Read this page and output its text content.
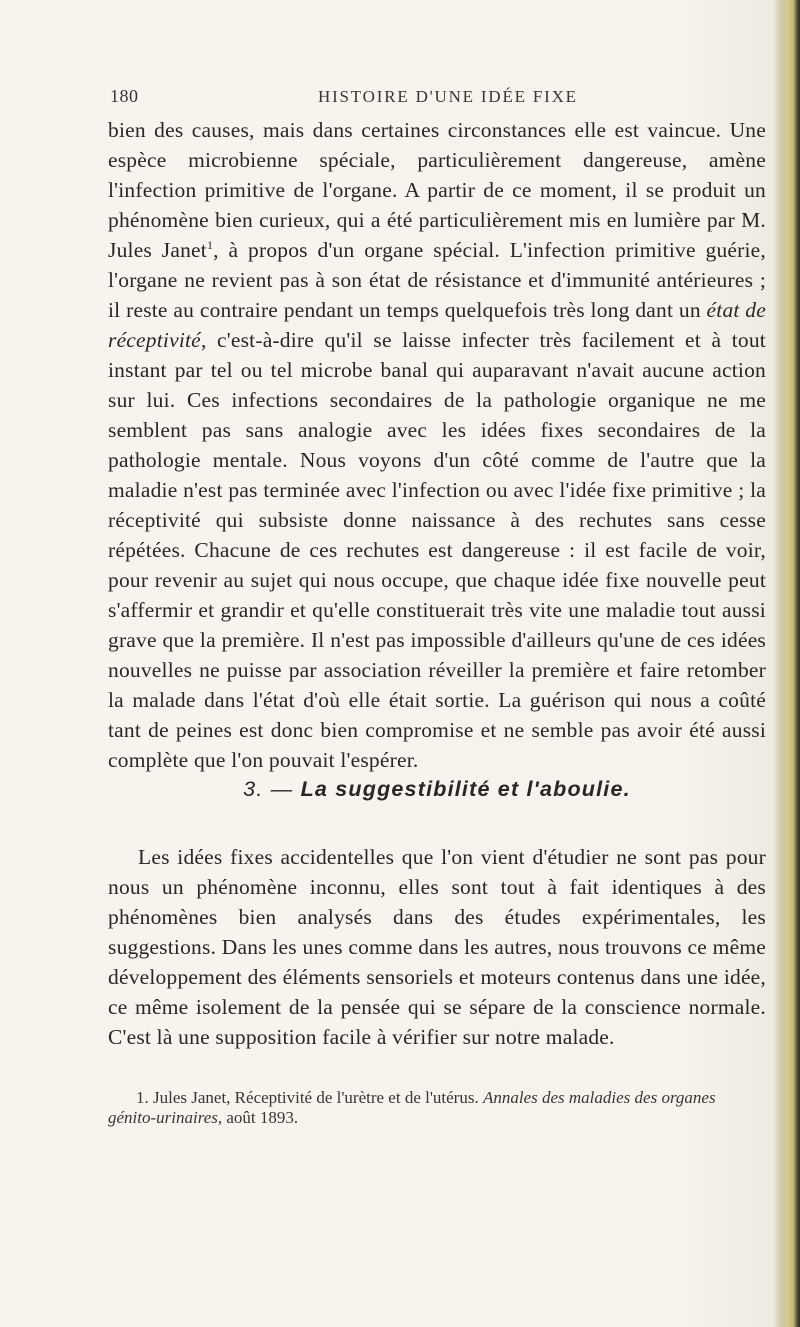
180	HISTOIRE D'UNE IDÉE FIXE

bien des causes, mais dans certaines circonstances elle est vaincue. Une espèce microbienne spéciale, particulièrement dangereuse, amène l'infection primitive de l'organe. A partir de ce moment, il se produit un phénomène bien curieux, qui a été particulièrement mis en lumière par M. Jules Janet$^1$, à propos d'un organe spécial. L'infection primitive guérie, l'organe ne revient pas à son état de résistance et d'immunité antérieures ; il reste au contraire pendant un temps quelquefois très long dant un état de réceptivité, c'est-à-dire qu'il se laisse infecter très facilement et à tout instant par tel ou tel microbe banal qui auparavant n'avait aucune action sur lui. Ces infections secondaires de la pathologie organique ne me semblent pas sans analogie avec les idées fixes secondaires de la pathologie mentale. Nous voyons d'un côté comme de l'autre que la maladie n'est pas terminée avec l'infection ou avec l'idée fixe primitive ; la réceptivité qui subsiste donne naissance à des rechutes sans cesse répétées. Chacune de ces rechutes est dangereuse : il est facile de voir, pour revenir au sujet qui nous occupe, que chaque idée fixe nouvelle peut s'affermir et grandir et qu'elle constituerait très vite une maladie tout aussi grave que la première. Il n'est pas impossible d'ailleurs qu'une de ces idées nouvelles ne puisse par association réveiller la première et faire retomber la malade dans l'état d'où elle était sortie. La guérison qui nous a coûté tant de peines est donc bien compromise et ne semble pas avoir été aussi complète que l'on pouvait l'espérer.

3. — La suggestibilité et l'aboulie.

Les idées fixes accidentelles que l'on vient d'étudier ne sont pas pour nous un phénomène inconnu, elles sont tout à fait identiques à des phénomènes bien analysés dans des études expérimentales, les suggestions. Dans les unes comme dans les autres, nous trouvons ce même développement des éléments sensoriels et moteurs contenus dans une idée, ce même isolement de la pensée qui se sépare de la conscience normale. C'est là une supposition facile à vérifier sur notre malade.

1. Jules Janet, Réceptivité de l'urètre et de l'utérus. Annales des maladies des organes génito-urinaires, août 1893.
